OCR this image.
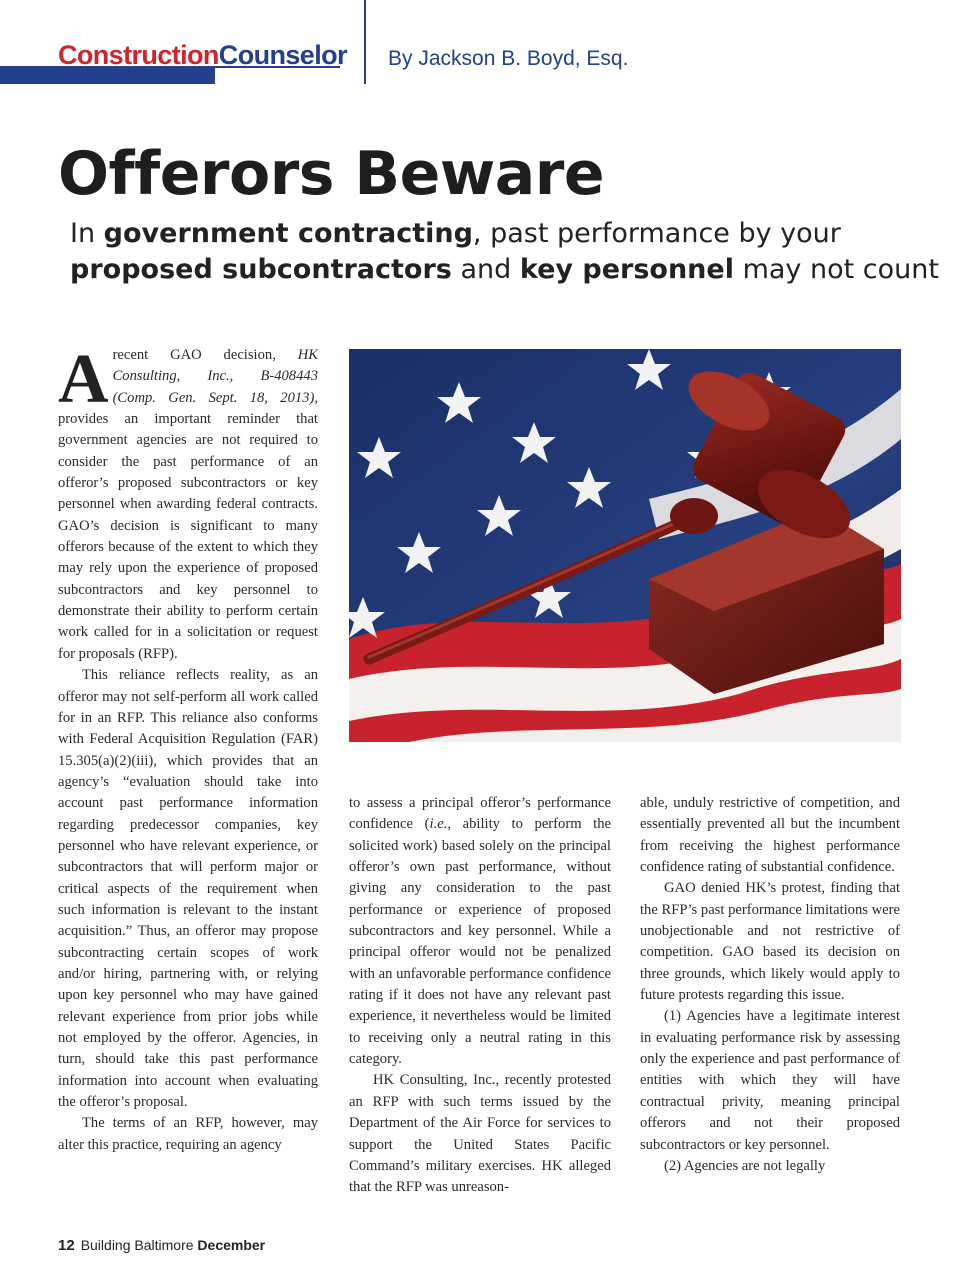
ConstructionCounselor By Jackson B. Boyd, Esq.
Offerors Beware
In government contracting, past performance by your
proposed subcontractors and key personnel may not count

Arecent GAO decision, HK Consulting, Inc., B-408443 (Comp. Gen. Sept. 18, 2013), provides an important reminder that government agencies are not required to consider the past performance of an offeror’s proposed subcontractors or key personnel when awarding federal contracts. GAO’s decision is significant to many offerors because of the extent to which they may rely upon the experience of proposed subcontractors and key personnel to demonstrate their ability to perform certain work called for in a solicitation or request for proposals (RFP).

This reliance reflects reality, as an offeror may not self-perform all work called for in an RFP. This reliance also conforms with Federal Acquisition Regulation (FAR) 15.305(a)(2)(iii), which provides that an agency’s “evaluation should take into account past performance information regarding predecessor companies, key personnel who have relevant experience, or subcontractors that will perform major or critical aspects of the requirement when such information is relevant to the instant acquisition.” Thus, an offeror may propose subcontracting certain scopes of work and/or hiring, partnering with, or relying upon key personnel who may have gained relevant experience from prior jobs while not employed by the offeror. Agencies, in turn, should take this past performance information into account when evaluating the offeror’s proposal.

The terms of an RFP, however, may alter this practice, requiring an agency

to assess a principal offeror’s performance confidence (i.e., ability to perform the solicited work) based solely on the principal offeror’s own past performance, without giving any consideration to the past performance or experience of proposed subcontractors and key personnel. While a principal offeror would not be penalized with an unfavorable performance confidence rating if it does not have any relevant past experience, it nevertheless would be limited to receiving only a neutral rating in this category.

HK Consulting, Inc., recently protested an RFP with such terms issued by the Department of the Air Force for services to support the United States Pacific Command’s military exercises. HK alleged that the RFP was unreason-

able, unduly restrictive of competition, and essentially prevented all but the incumbent from receiving the highest performance confidence rating of substantial confidence.

GAO denied HK’s protest, finding that the RFP’s past performance limitations were unobjectionable and not restrictive of competition. GAO based its decision on three grounds, which likely would apply to future protests regarding this issue.

(1) Agencies have a legitimate interest in evaluating performance risk by assessing only the experience and past performance of entities with which they will have contractual privity, meaning principal offerors and not their proposed subcontractors or key personnel.

(2) Agencies are not legally

12 Building Baltimore December
